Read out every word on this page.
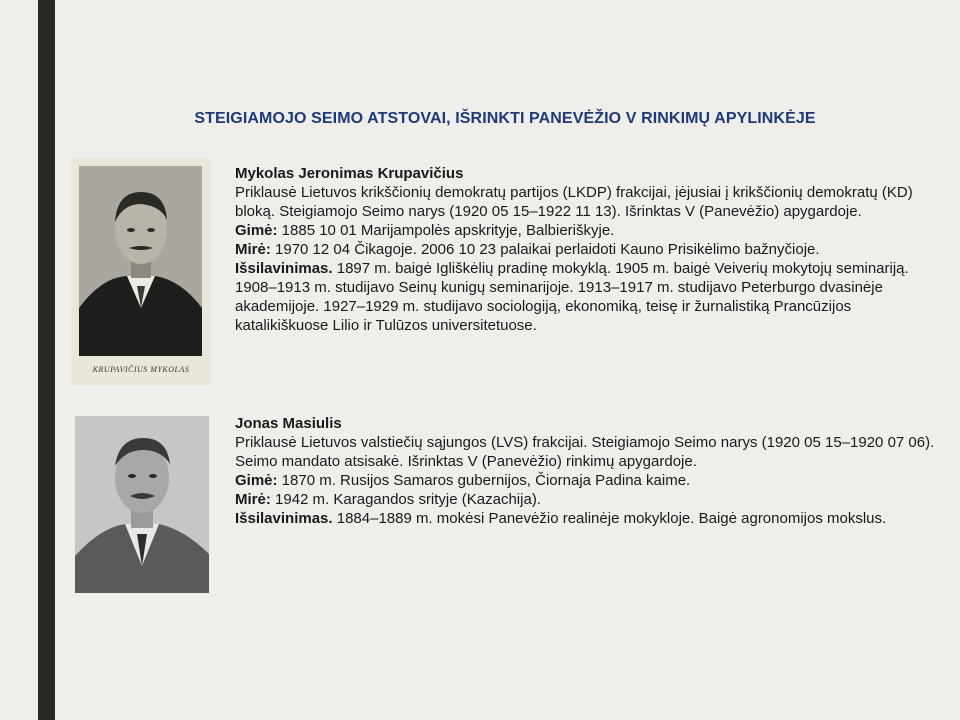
STEIGIAMOJO SEIMO ATSTOVAI, IŠRINKTI PANEVĖŽIO V RINKIMŲ APYLINKĖJE
KRUPAVIČIUS MYKOLAS

Mykolas Jeronimas Krupavičius

Priklausė Lietuvos krikščionių demokratų partijos (LKDP) frakcijai, įėjusiai į krikščionių demokratų (KD) bloką. Steigiamojo Seimo narys (1920 05 15–1922 11 13). Išrinktas V (Panevėžio) apygardoje.

Gimė: 1885 10 01 Marijampolės apskrityje, Balbieriškyje.

Mirė: 1970 12 04 Čikagoje. 2006 10 23 palaikai perlaidoti Kauno Prisikėlimo bažnyčioje.

Išsilavinimas. 1897 m. baigė Igliškėlių pradinę mokyklą. 1905 m. baigė Veiverių mokytojų seminariją. 1908–1913 m. studijavo Seinų kunigų seminarijoje. 1913–1917 m. studijavo Peterburgo dvasinėje akademijoje. 1927–1929 m. studijavo sociologiją, ekonomiką, teisę ir žurnalistiką Prancūzijos katalikiškuose Lilio ir Tulūzos universitetuose.

Jonas Masiulis

Priklausė Lietuvos valstiečių sąjungos (LVS) frakcijai. Steigiamojo Seimo narys (1920 05 15–1920 07 06). Seimo mandato atsisakė. Išrinktas V (Panevėžio) rinkimų apygardoje.

Gimė: 1870 m. Rusijos Samaros gubernijos, Čiornaja Padina kaime.

Mirė: 1942 m. Karagandos srityje (Kazachija).

Išsilavinimas. 1884–1889 m. mokėsi Panevėžio realinėje mokykloje. Baigė agronomijos mokslus.
